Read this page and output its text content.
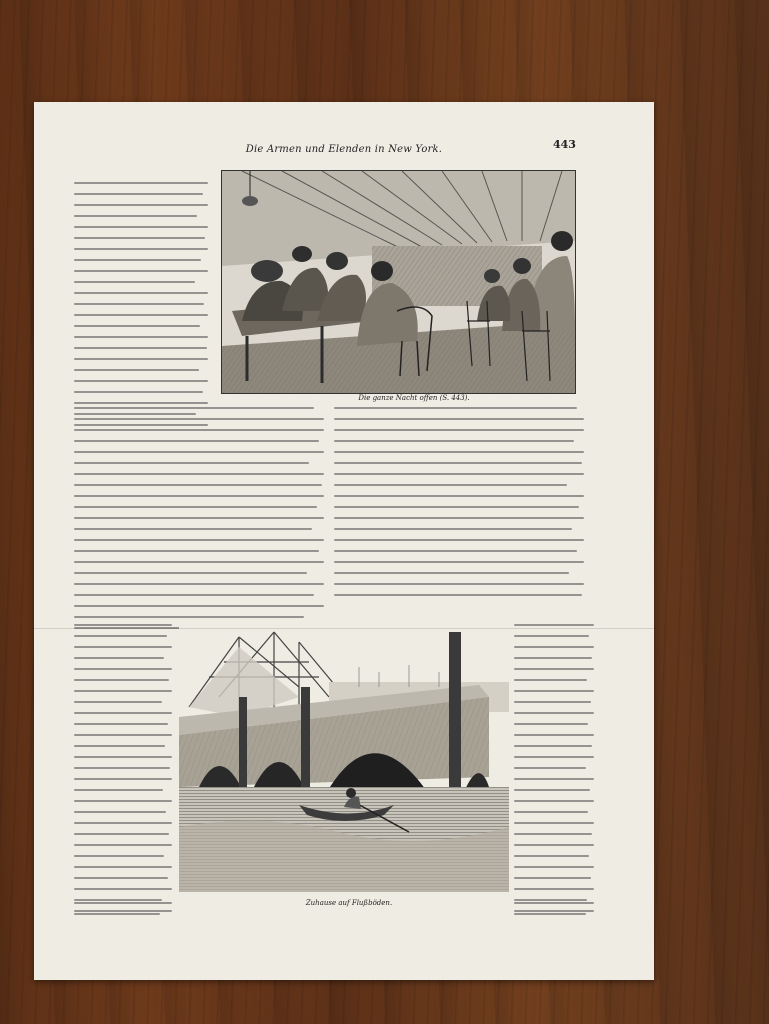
Die Armen und Elenden in New York.	443
Die ganze Nacht offen (S. 443).
Zuhause auf Flußböden.
